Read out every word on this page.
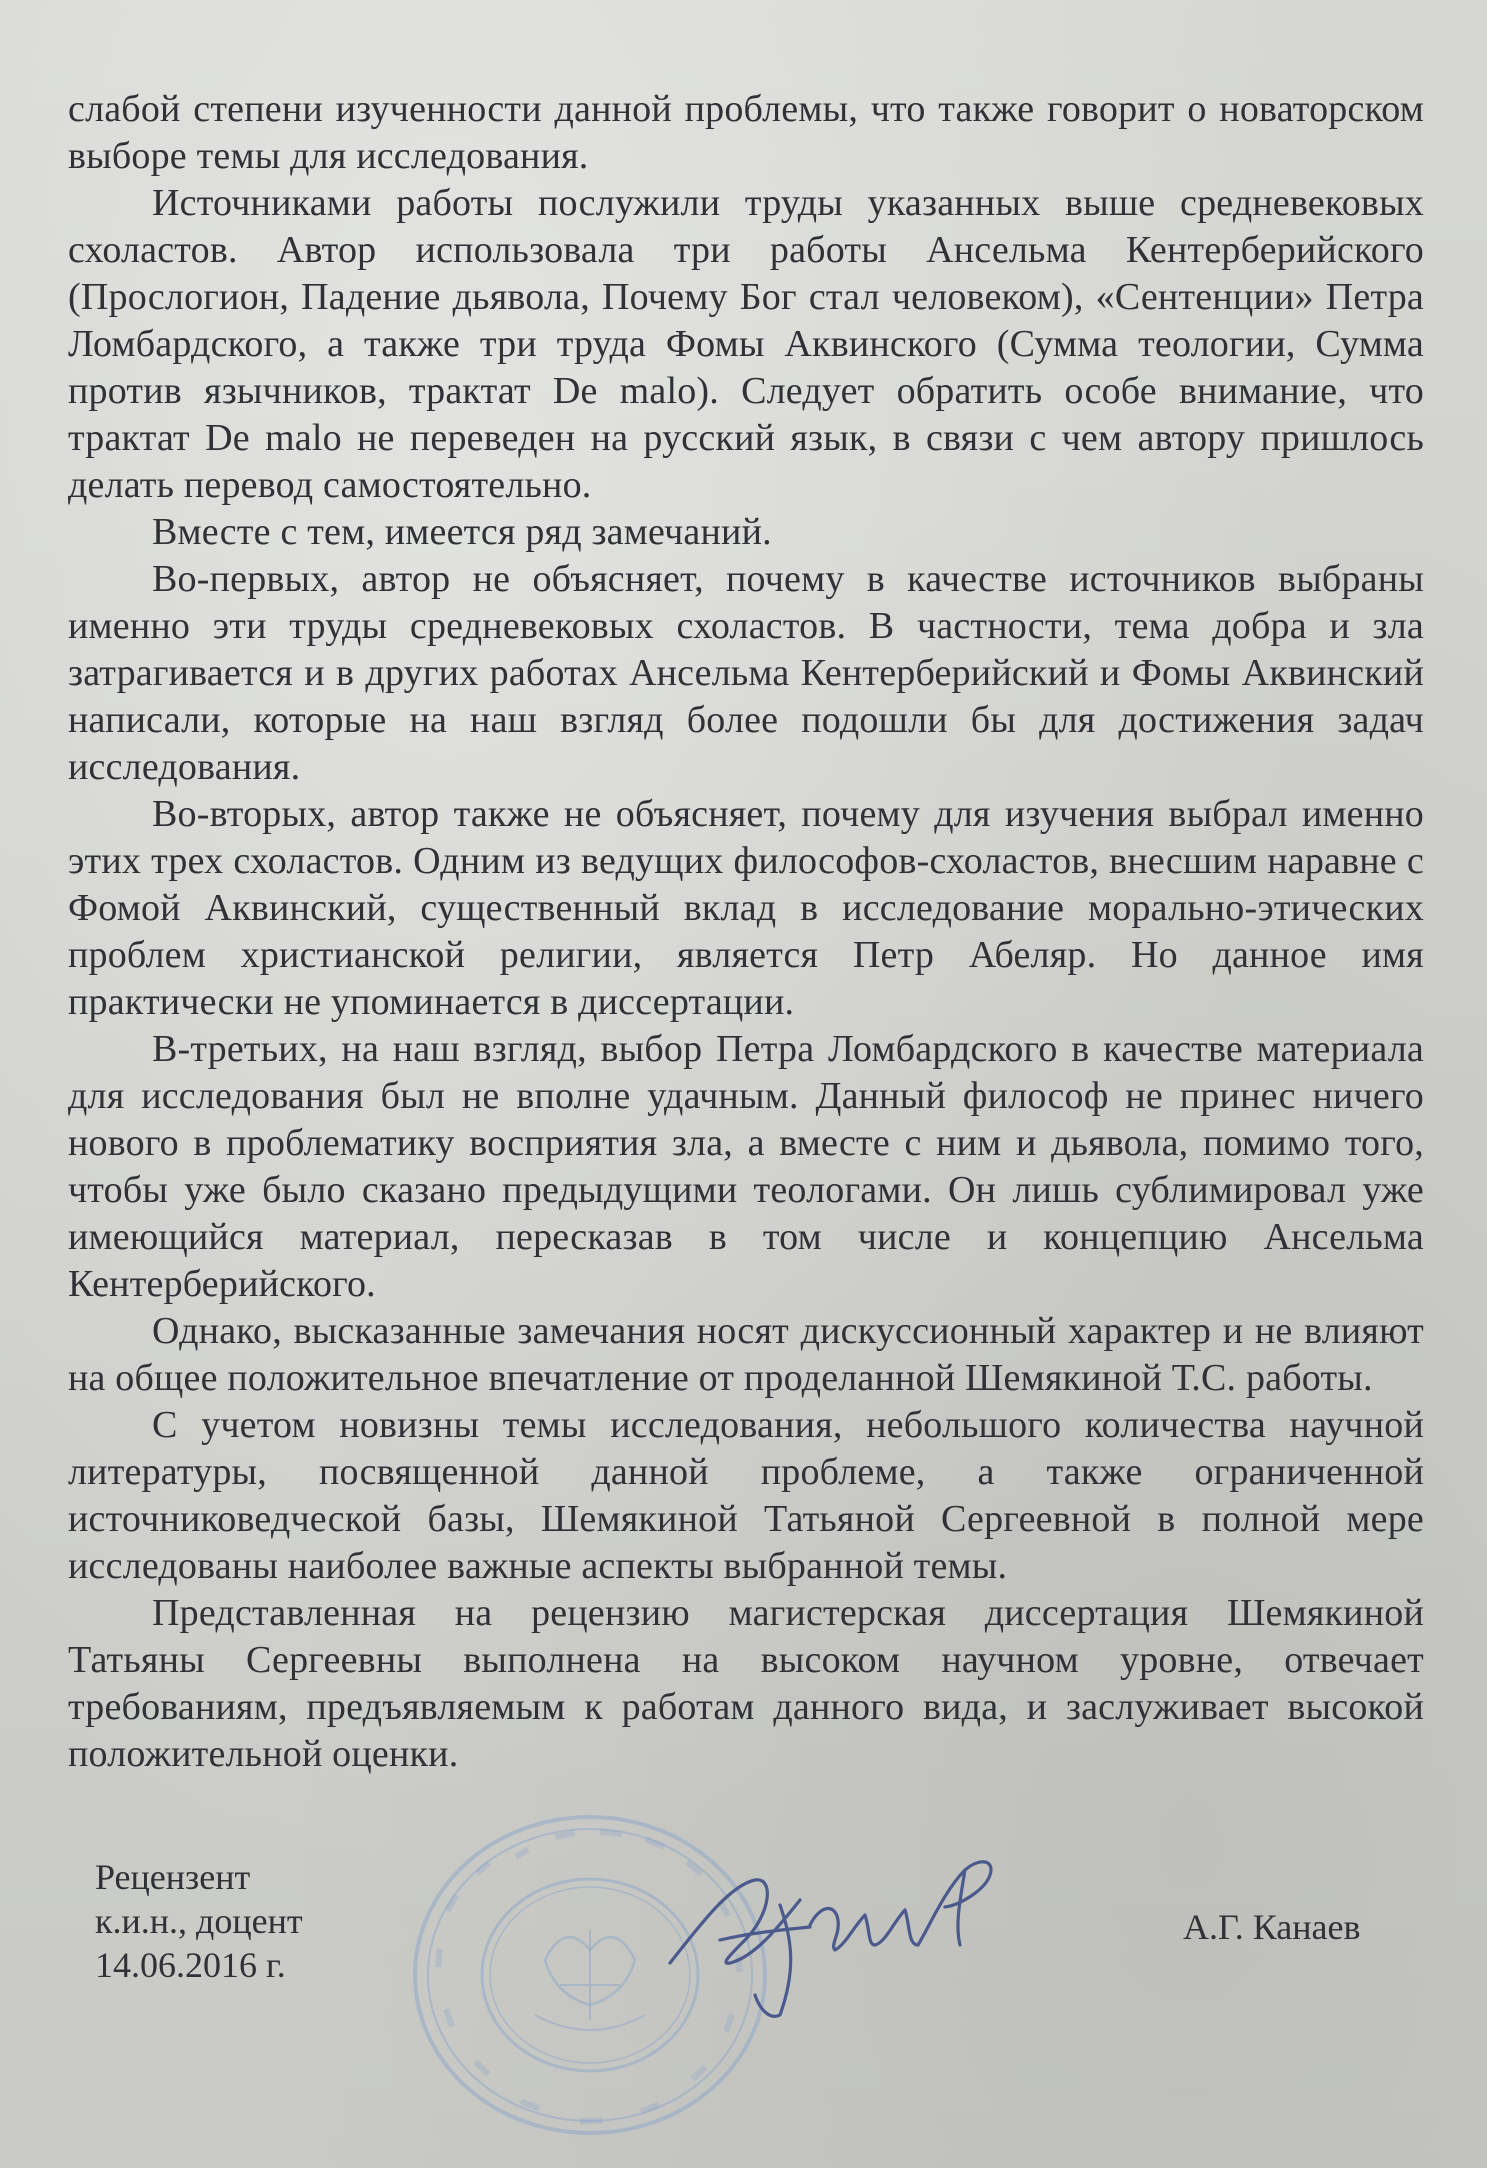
слабой степени изученности данной проблемы, что также говорит о новаторском выборе темы для исследования.

Источниками работы послужили труды указанных выше средневековых схоластов. Автор использовала три работы Ансельма Кентерберийского (Прослогион, Падение дьявола, Почему Бог стал человеком), «Сентенции» Петра Ломбардского, а также три труда Фомы Аквинского (Сумма теологии, Сумма против язычников, трактат De malo). Следует обратить особе внимание, что трактат De malo не переведен на русский язык, в связи с чем автору пришлось делать перевод самостоятельно.

Вместе с тем, имеется ряд замечаний.

Во-первых, автор не объясняет, почему в качестве источников выбраны именно эти труды средневековых схоластов. В частности, тема добра и зла затрагивается и в других работах Ансельма Кентерберийский и Фомы Аквинский написали, которые на наш взгляд более подошли бы для достижения задач исследования.

Во-вторых, автор также не объясняет, почему для изучения выбрал именно этих трех схоластов. Одним из ведущих философов-схоластов, внесшим наравне с Фомой Аквинский, существенный вклад в исследование морально-этических проблем христианской религии, является Петр Абеляр. Но данное имя практически не упоминается в диссертации.

В-третьих, на наш взгляд, выбор Петра Ломбардского в качестве материала для исследования был не вполне удачным. Данный философ не принес ничего нового в проблематику восприятия зла, а вместе с ним и дьявола, помимо того, чтобы уже было сказано предыдущими теологами. Он лишь сублимировал уже имеющийся материал, пересказав в том числе и концепцию Ансельма Кентерберийского.

Однако, высказанные замечания носят дискуссионный характер и не влияют на общее положительное впечатление от проделанной Шемякиной Т.С. работы.

С учетом новизны темы исследования, небольшого количества научной литературы, посвященной данной проблеме, а также ограниченной источниковедческой базы, Шемякиной Татьяной Сергеевной в полной мере исследованы наиболее важные аспекты выбранной темы.

Представленная на рецензию магистерская диссертация Шемякиной Татьяны Сергеевны выполнена на высоком научном уровне, отвечает требованиям, предъявляемым к работам данного вида, и заслуживает высокой положительной оценки.

Рецензент
к.и.н., доцент
14.06.2016 г.
А.Г. Канаев
